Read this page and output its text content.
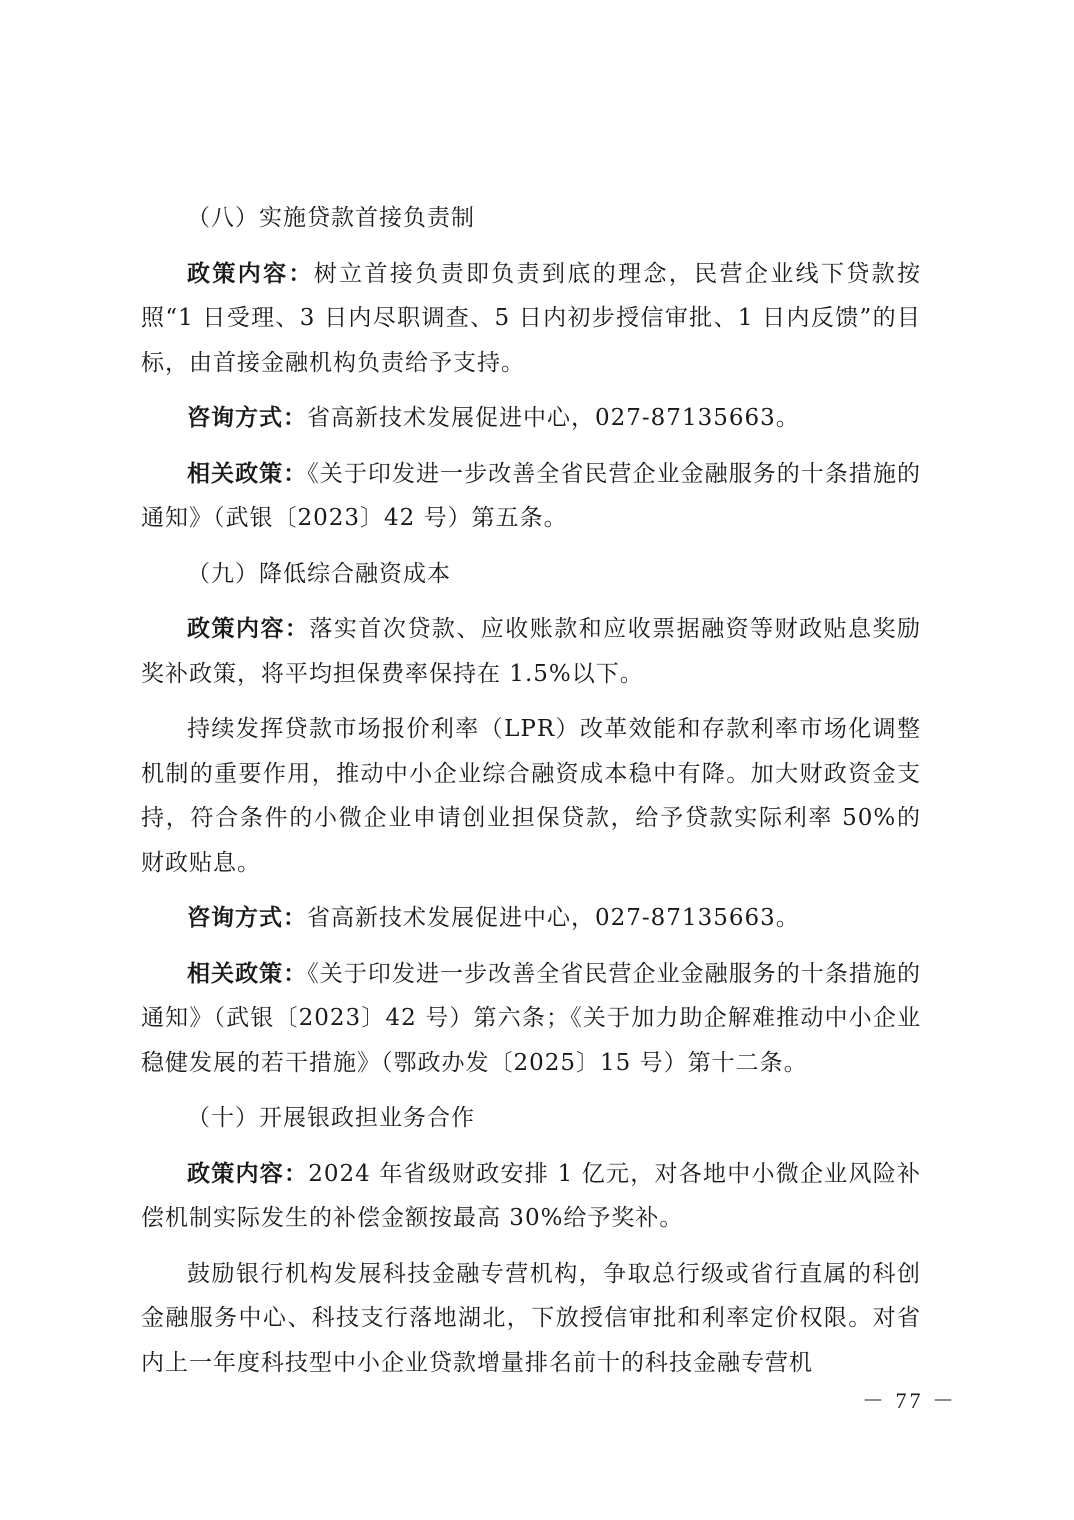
（八）实施贷款首接负责制

政策内容：树立首接负责即负责到底的理念，民营企业线下贷款按照“1 日受理、3 日内尽职调查、5 日内初步授信审批、1 日内反馈”的目标，由首接金融机构负责给予支持。

咨询方式：省高新技术发展促进中心，027-87135663。

相关政策：《关于印发进一步改善全省民营企业金融服务的十条措施的通知》（武银〔2023〕42 号）第五条。

（九）降低综合融资成本

政策内容：落实首次贷款、应收账款和应收票据融资等财政贴息奖励奖补政策，将平均担保费率保持在 1.5%以下。

持续发挥贷款市场报价利率（LPR）改革效能和存款利率市场化调整机制的重要作用，推动中小企业综合融资成本稳中有降。加大财政资金支持，符合条件的小微企业申请创业担保贷款，给予贷款实际利率 50%的财政贴息。

咨询方式：省高新技术发展促进中心，027-87135663。

相关政策：《关于印发进一步改善全省民营企业金融服务的十条措施的通知》（武银〔2023〕42 号）第六条；《关于加力助企解难推动中小企业稳健发展的若干措施》（鄂政办发〔2025〕15 号）第十二条。

（十）开展银政担业务合作

政策内容：2024 年省级财政安排 1 亿元，对各地中小微企业风险补偿机制实际发生的补偿金额按最高 30%给予奖补。

鼓励银行机构发展科技金融专营机构，争取总行级或省行直属的科创金融服务中心、科技支行落地湖北，下放授信审批和利率定价权限。对省内上一年度科技型中小企业贷款增量排名前十的科技金融专营机

－ 77 －
